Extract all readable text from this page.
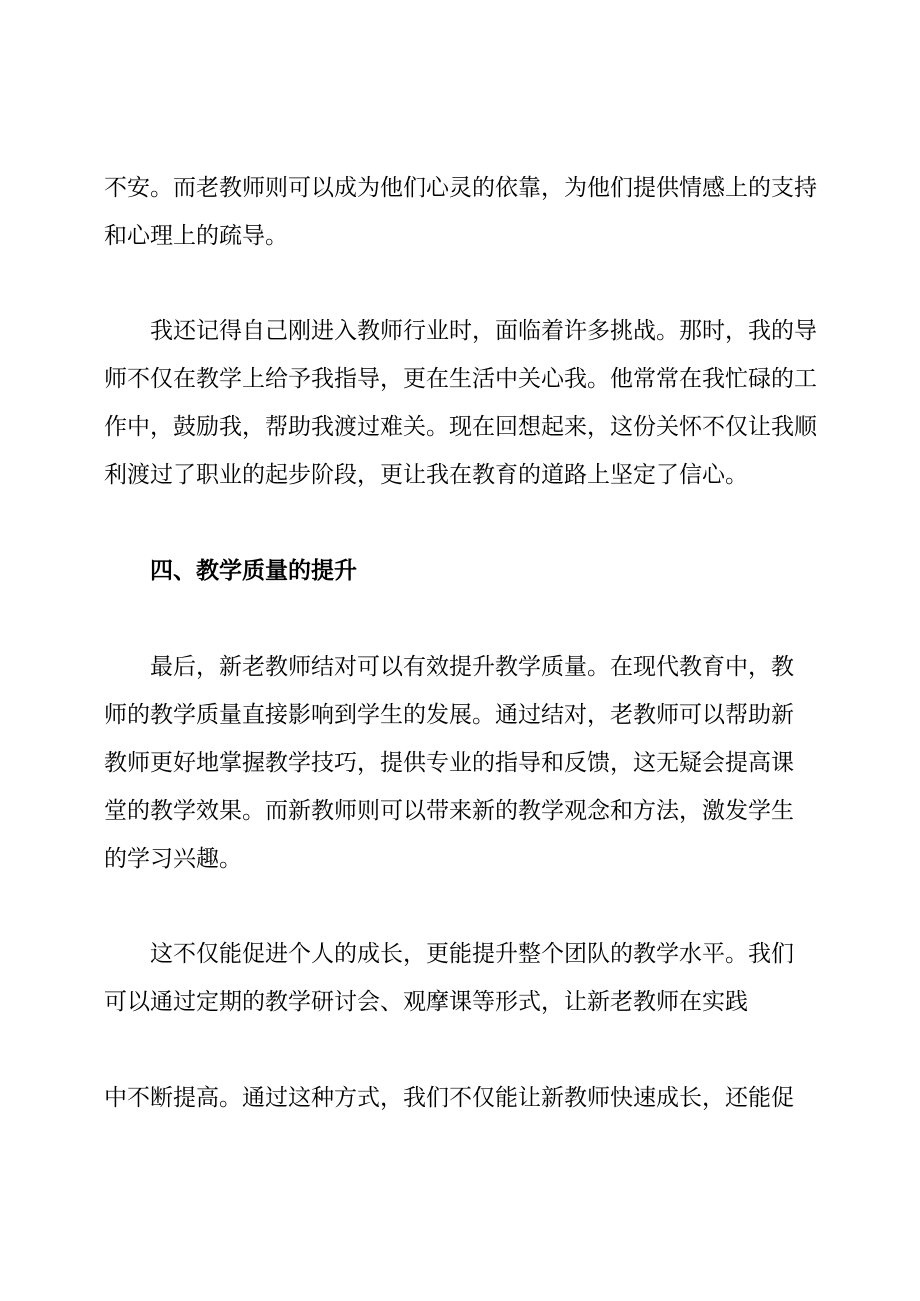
不安。而老教师则可以成为他们心灵的依靠，为他们提供情感上的支持
和心理上的疏导。
我还记得自己刚进入教师行业时，面临着许多挑战。那时，我的导
师不仅在教学上给予我指导，更在生活中关心我。他常常在我忙碌的工
作中，鼓励我，帮助我渡过难关。现在回想起来，这份关怀不仅让我顺
利渡过了职业的起步阶段，更让我在教育的道路上坚定了信心。
四、教学质量的提升
最后，新老教师结对可以有效提升教学质量。在现代教育中，教
师的教学质量直接影响到学生的发展。通过结对，老教师可以帮助新
教师更好地掌握教学技巧，提供专业的指导和反馈，这无疑会提高课
堂的教学效果。而新教师则可以带来新的教学观念和方法，激发学生
的学习兴趣。
这不仅能促进个人的成长，更能提升整个团队的教学水平。我们
可以通过定期的教学研讨会、观摩课等形式，让新老教师在实践
中不断提高。通过这种方式，我们不仅能让新教师快速成长，还能促
